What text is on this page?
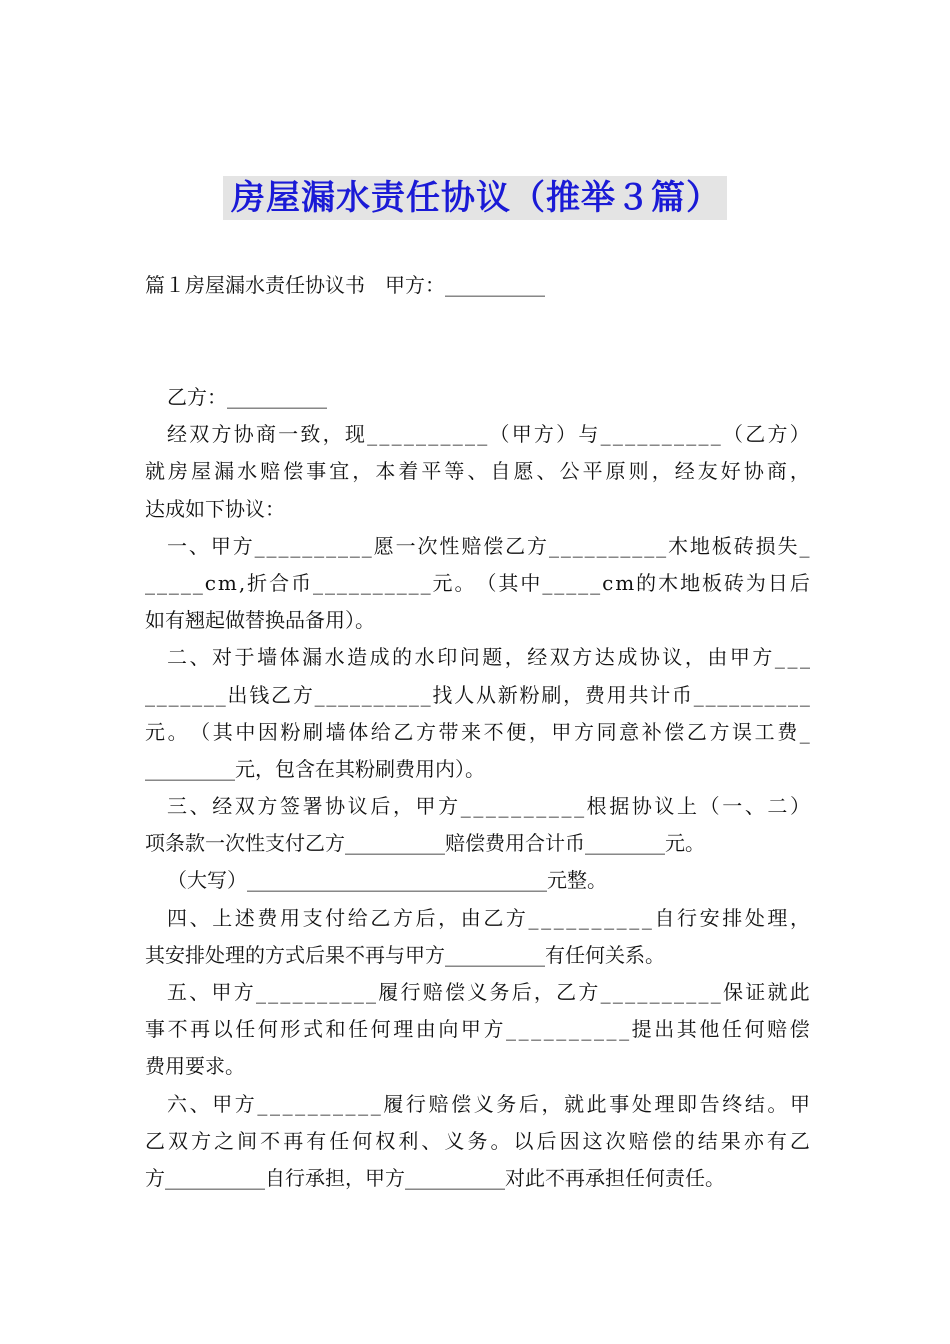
房屋漏水责任协议（推举３篇）
篇１房屋漏水责任协议书　甲方：__________
乙方：__________
经 双 方 协 商 一 致 ， 现 _ _ _ _ _ _ _ _ _ _ （ 甲 方 ） 与 _ _ _ _ _ _ _ _ _ _ （ 乙 方 ）
就 房 屋 漏 水 赔 偿 事 宜 ， 本 着 平 等 、 自 愿 、 公 平 原 则 ， 经 友 好 协 商 ，
达成如下协议：
一 、 甲 方 _ _ _ _ _ _ _ _ _ _ 愿 一 次 性 赔 偿 乙 方 _ _ _ _ _ _ _ _ _ _ 木 地 板 砖 损 失 _
_ _ _ _ _ c m , 折 合 币 _ _ _ _ _ _ _ _ _ _ 元 。 （ 其 中 _ _ _ _ _ c m 的 木 地 板 砖 为 日 后
如有翘起做替换品备用）。
二 、 对 于 墙 体 漏 水 造 成 的 水 印 问 题 ， 经 双 方 达 成 协 议 ， 由 甲 方 _ _ _
_ _ _ _ _ _ _ 出 钱 乙 方 _ _ _ _ _ _ _ _ _ _ 找 人 从 新 粉 刷 ， 费 用 共 计 币 _ _ _ _ _ _ _ _ _ _
元 。 （ 其 中 因 粉 刷 墙 体 给 乙 方 带 来 不 便 ， 甲 方 同 意 补 偿 乙 方 误 工 费 _
_________元，包含在其粉刷费用内）。
三 、 经 双 方 签 署 协 议 后 ， 甲 方 _ _ _ _ _ _ _ _ _ _ 根 据 协 议 上 （ 一 、 二 ）
项条款一次性支付乙方__________赔偿费用合计币________元。
（大写）______________________________元整。
四 、 上 述 费 用 支 付 给 乙 方 后 ， 由 乙 方 _ _ _ _ _ _ _ _ _ _ 自 行 安 排 处 理 ，
其安排处理的方式后果不再与甲方__________有任何关系。
五 、 甲 方 _ _ _ _ _ _ _ _ _ _ 履 行 赔 偿 义 务 后 ， 乙 方 _ _ _ _ _ _ _ _ _ _ 保 证 就 此
事 不 再 以 任 何 形 式 和 任 何 理 由 向 甲 方 _ _ _ _ _ _ _ _ _ _ 提 出 其 他 任 何 赔 偿
费用要求。
六 、 甲 方 _ _ _ _ _ _ _ _ _ _ 履 行 赔 偿 义 务 后 ， 就 此 事 处 理 即 告 终 结 。 甲
乙 双 方 之 间 不 再 有 任 何 权 利 、 义 务 。 以 后 因 这 次 赔 偿 的 结 果 亦 有 乙
方__________自行承担，甲方__________对此不再承担任何责任。
